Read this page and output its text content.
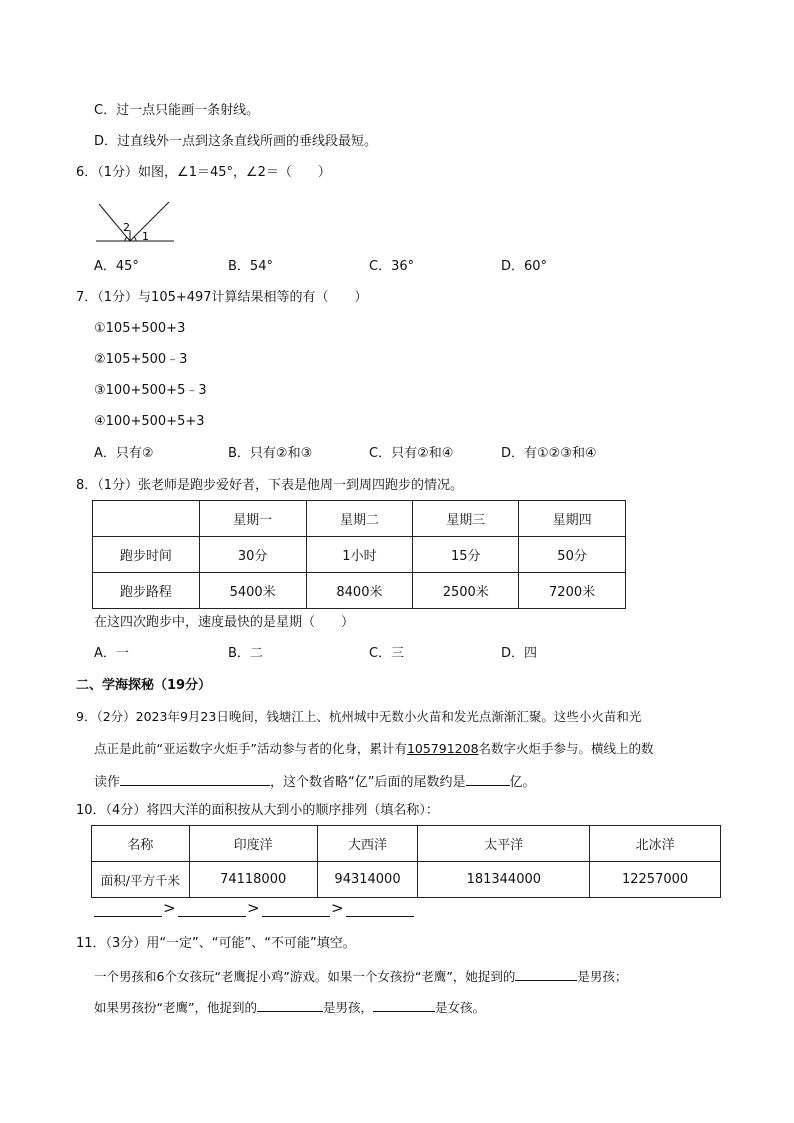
C．过一点只能画一条射线。
D．过直线外一点到这条直线所画的垂线段最短。
6．（1分）如图，∠1＝45°，∠2＝（　　）
2
1
A．45°	B．54°	C．36°	D．60°
7．（1分）与105+497计算结果相等的有（　　）
①105+500+3
②105+500﹣3
③100+500+5﹣3
④100+500+5+3
A．只有②	B．只有②和③	C．只有②和④	D．有①②③和④
8．（1分）张老师是跑步爱好者，下表是他周一到周四跑步的情况。
	星期一	星期二	星期三	星期四
跑步时间	30分	1小时	15分	50分
跑步路程	5400米	8400米	2500米	7200米
在这四次跑步中，速度最快的是星期（　　）
A．一	B．二	C．三	D．四
二、学海探秘（19分）
9．（2分）2023年9月23日晚间，钱塘江上、杭州城中无数小火苗和发光点渐渐汇聚。这些小火苗和光
点正是此前“亚运数字火炬手”活动参与者的化身，累计有105791208名数字火炬手参与。横线上的数
读作	，这个数省略“亿”后面的尾数约是	亿。
10．（4分）将四大洋的面积按从大到小的顺序排列（填名称）：
名称	印度洋	大西洋	太平洋	北冰洋
面积/平方千米	74118000	94314000	181344000	12257000
>	>	>
11．（3分）用“一定”、“可能”、“不可能”填空。
一个男孩和6个女孩玩“老鹰捉小鸡”游戏。如果一个女孩扮“老鹰”，她捉到的	是男孩；
如果男孩扮“老鹰”，他捉到的	是男孩，	是女孩。
